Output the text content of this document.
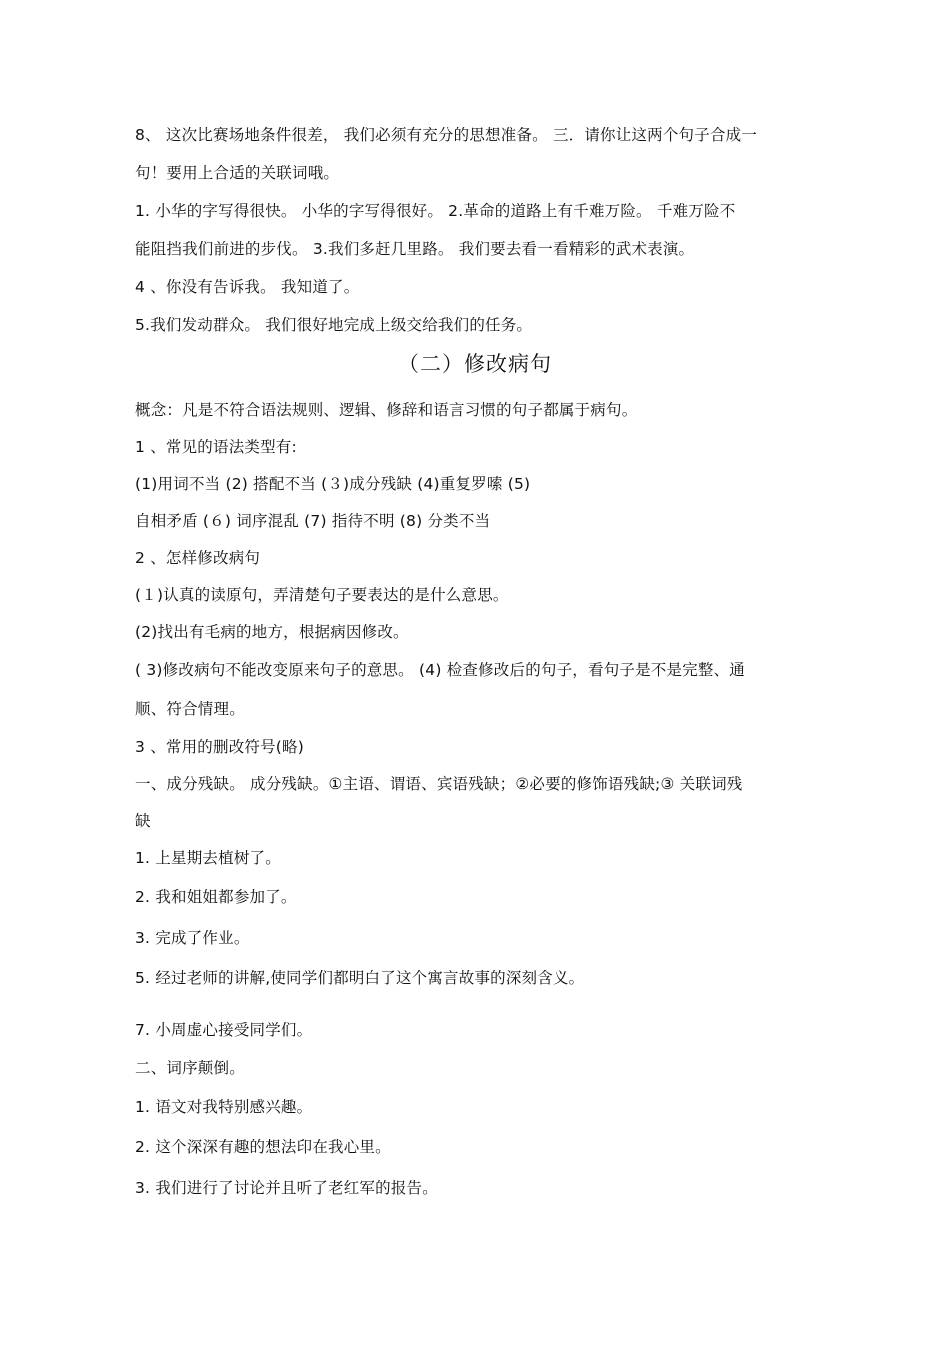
8、 这次比赛场地条件很差， 我们必须有充分的思想准备。 三．请你让这两个句子合成一
句！要用上合适的关联词哦。
1. 小华的字写得很快。 小华的字写得很好。 2.革命的道路上有千难万险。 千难万险不
能阻挡我们前进的步伐。 3.我们多赶几里路。 我们要去看一看精彩的武术表演。
4 、你没有告诉我。 我知道了。
5.我们发动群众。 我们很好地完成上级交给我们的任务。
（二）修改病句
概念：凡是不符合语法规则、逻辑、修辞和语言习惯的句子都属于病句。
1 、常见的语法类型有:
(1)用词不当 (2) 搭配不当 (３)成分残缺 (4)重复罗嗦 (5)
自相矛盾 (６) 词序混乱 (7) 指待不明 (8) 分类不当
2 、怎样修改病句
(１)认真的读原句，弄清楚句子要表达的是什么意思。
(2)找出有毛病的地方，根据病因修改。
( 3)修改病句不能改变原来句子的意思。 (4) 检查修改后的句子，看句子是不是完整、通
顺、符合情理。
3 、常用的删改符号(略)
一、成分残缺。 成分残缺。①主语、谓语、宾语残缺；②必要的修饰语残缺;③ 关联词残
缺
1. 上星期去植树了。
2. 我和姐姐都参加了。
3. 完成了作业。
5. 经过老师的讲解,使同学们都明白了这个寓言故事的深刻含义。
7. 小周虚心接受同学们。
二、词序颠倒。
1. 语文对我特别感兴趣。
2. 这个深深有趣的想法印在我心里。
3. 我们进行了讨论并且听了老红军的报告。
